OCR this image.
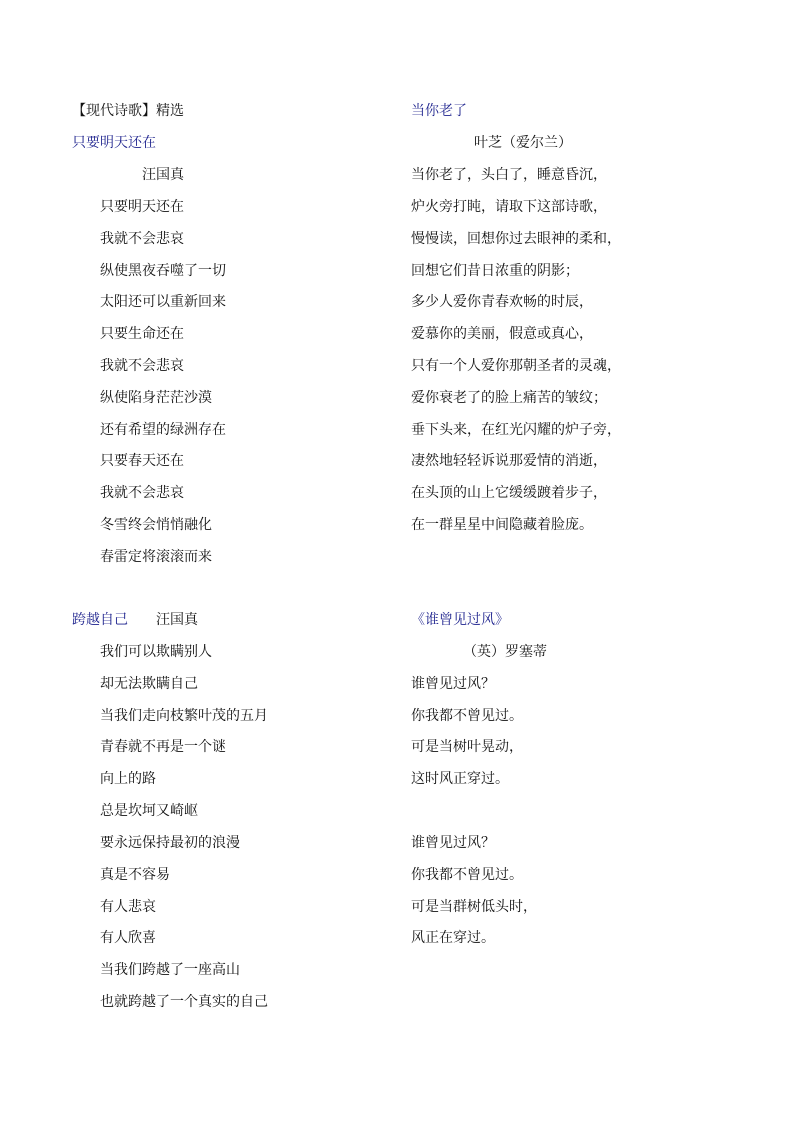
【现代诗歌】精选
只要明天还在
汪国真
只要明天还在
我就不会悲哀
纵使黑夜吞噬了一切
太阳还可以重新回来
只要生命还在
我就不会悲哀
纵使陷身茫茫沙漠
还有希望的绿洲存在
只要春天还在
我就不会悲哀
冬雪终会悄悄融化
春雷定将滚滚而来
当你老了
叶芝（爱尔兰）
当你老了，头白了，睡意昏沉，
炉火旁打盹，请取下这部诗歌，
慢慢读，回想你过去眼神的柔和，
回想它们昔日浓重的阴影；
多少人爱你青春欢畅的时辰，
爱慕你的美丽，假意或真心，
只有一个人爱你那朝圣者的灵魂，
爱你衰老了的脸上痛苦的皱纹；
垂下头来，在红光闪耀的炉子旁，
凄然地轻轻诉说那爱情的消逝，
在头顶的山上它缓缓踱着步子，
在一群星星中间隐藏着脸庞。
跨越自己 汪国真
我们可以欺瞒别人
却无法欺瞒自己
当我们走向枝繁叶茂的五月
青春就不再是一个谜
向上的路
总是坎坷又崎岖
要永远保持最初的浪漫
真是不容易
有人悲哀
有人欣喜
当我们跨越了一座高山
也就跨越了一个真实的自己
《谁曾见过风》
（英）罗塞蒂
谁曾见过风？
你我都不曾见过。
可是当树叶晃动，
这时风正穿过。
谁曾见过风？
你我都不曾见过。
可是当群树低头时，
风正在穿过。
